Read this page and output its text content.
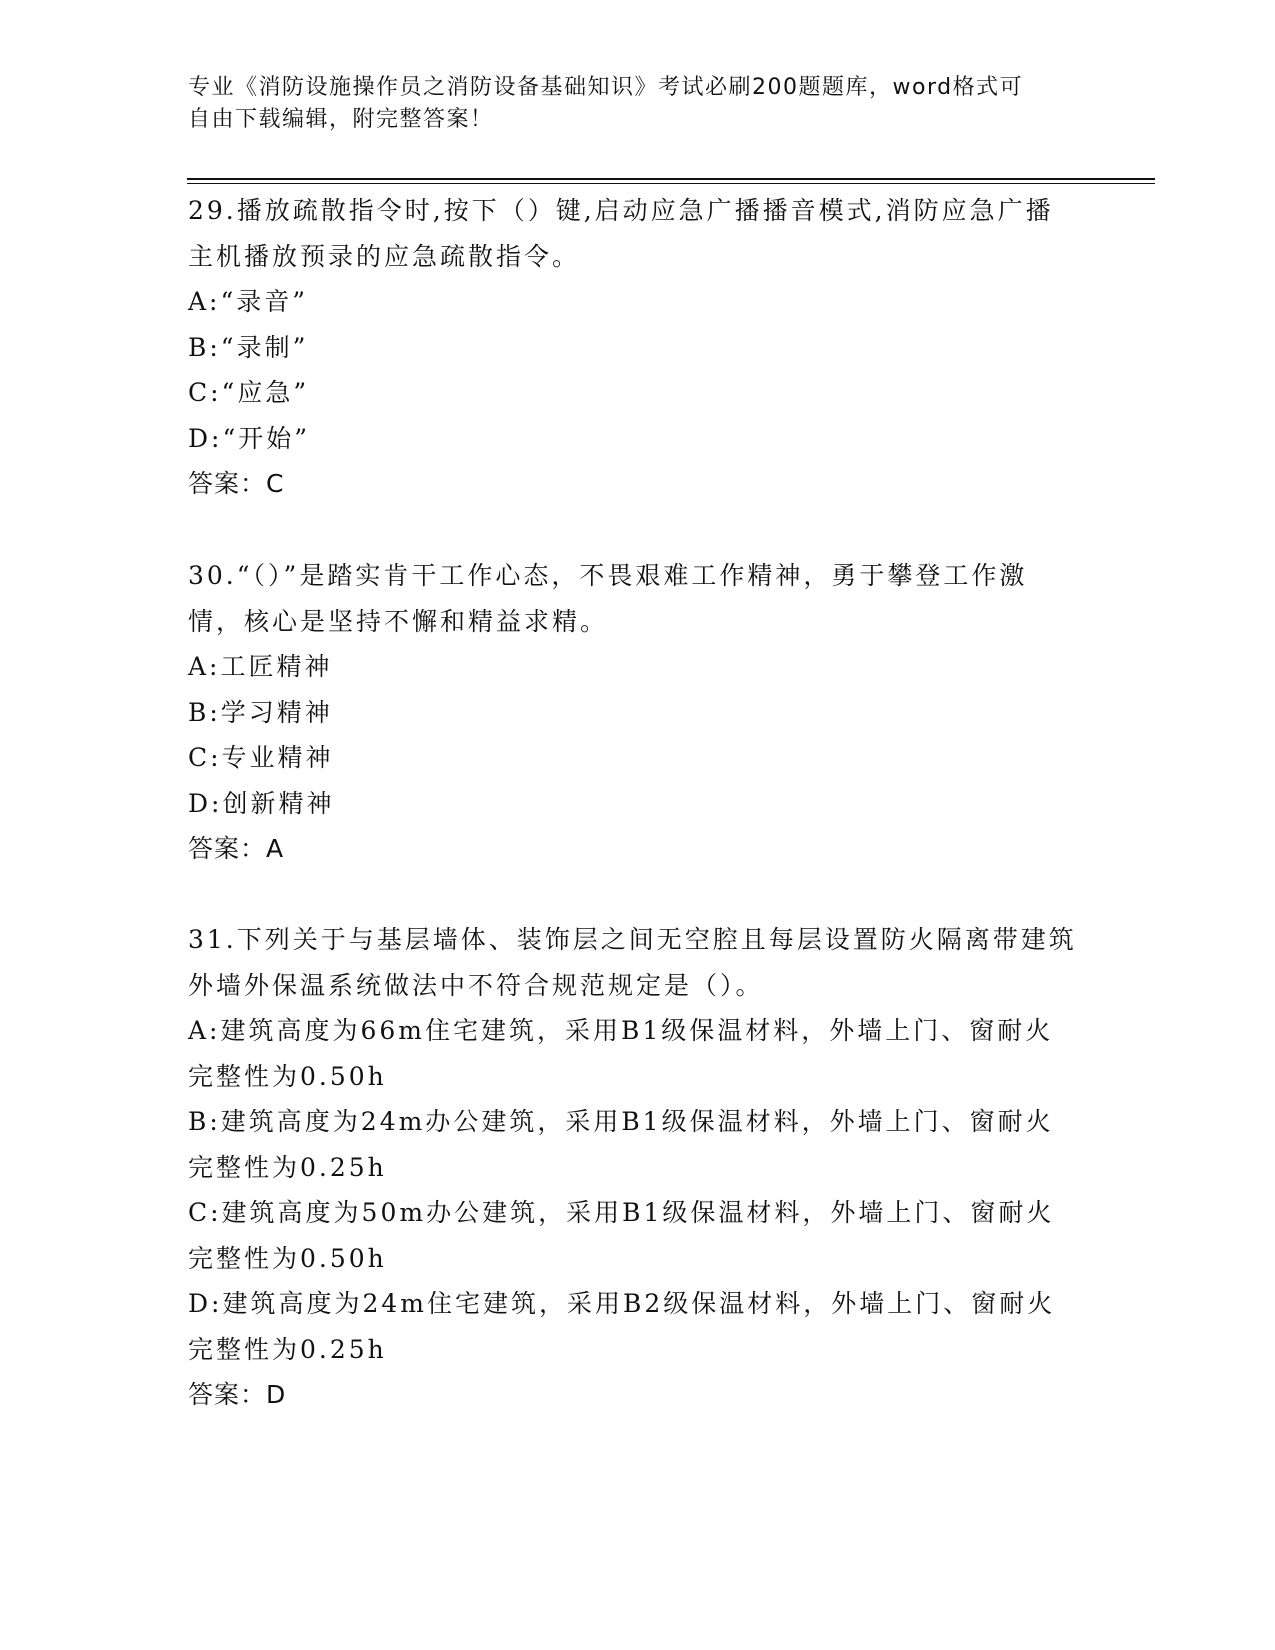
专业《消防设施操作员之消防设备基础知识》考试必刷200题题库，word格式可
自由下载编辑，附完整答案！

29.播放疏散指令时,按下（）键,启动应急广播播音模式,消防应急广播主机播放预录的应急疏散指令。

A:“录音”

B:“录制”

C:“应急”

D:“开始”

答案：C

30.“（）”是踏实肯干工作心态，不畏艰难工作精神，勇于攀登工作激情，核心是坚持不懈和精益求精。

A:工匠精神

B:学习精神

C:专业精神

D:创新精神

答案：A

31.下列关于与基层墙体、装饰层之间无空腔且每层设置防火隔离带建筑外墙外保温系统做法中不符合规范规定是（）。

A:建筑高度为66m住宅建筑，采用B1级保温材料，外墙上门、窗耐火完整性为0.50h

B:建筑高度为24m办公建筑，采用B1级保温材料，外墙上门、窗耐火完整性为0.25h

C:建筑高度为50m办公建筑，采用B1级保温材料，外墙上门、窗耐火完整性为0.50h

D:建筑高度为24m住宅建筑，采用B2级保温材料，外墙上门、窗耐火完整性为0.25h

答案：D
